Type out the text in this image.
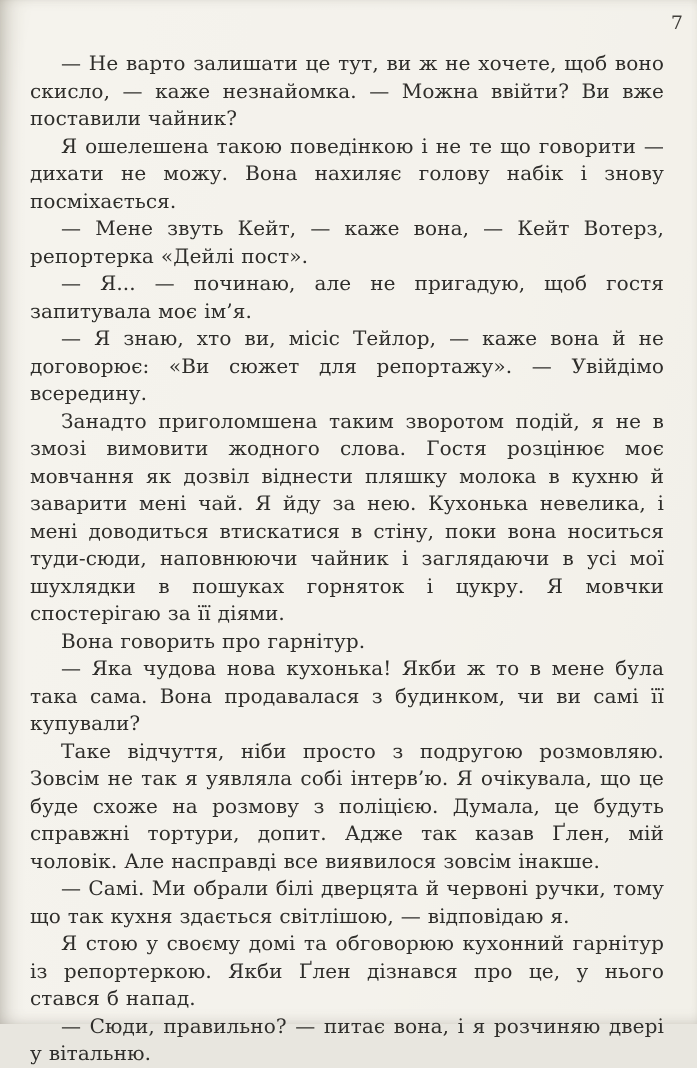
7

— Не варто залишати це тут, ви ж не хочете, щоб воно скисло, — каже незнайомка. — Можна ввійти? Ви вже поставили чайник?

Я ошелешена такою поведінкою і не те що говорити — дихати не можу. Вона нахиляє голову набік і знову посміхається.

— Мене звуть Кейт, — каже вона, — Кейт Вотерз, репортерка «Дейлі пост».

— Я... — починаю, але не пригадую, щоб гостя запитувала моє ім’я.

— Я знаю, хто ви, місіс Тейлор, — каже вона й не договорює: «Ви сюжет для репортажу». — Увійдімо всередину.

Занадто приголомшена таким зворотом подій, я не в змозі вимовити жодного слова. Гостя розцінює моє мовчання як дозвіл віднести пляшку молока в кухню й заварити мені чай. Я йду за нею. Кухонька невелика, і мені доводиться втискатися в стіну, поки вона носиться туди-сюди, наповнюючи чайник і заглядаючи в усі мої шухлядки в пошуках горняток і цукру. Я мовчки спостерігаю за її діями.

Вона говорить про гарнітур.

— Яка чудова нова кухонька! Якби ж то в мене була така сама. Вона продавалася з будинком, чи ви самі її купували?

Таке відчуття, ніби просто з подругою розмовляю. Зовсім не так я уявляла собі інтерв’ю. Я очікувала, що це буде схоже на розмову з поліцією. Думала, це будуть справжні тортури, допит. Адже так казав Ґлен, мій чоловік. Але насправді все виявилося зовсім інакше.

— Самі. Ми обрали білі дверцята й червоні ручки, тому що так кухня здається світлішою, — відповідаю я.

Я стою у своєму домі та обговорюю кухонний гарнітур із репортеркою. Якби Ґлен дізнався про це, у нього стався б напад.

— Сюди, правильно? — питає вона, і я розчиняю двері у вітальню.
